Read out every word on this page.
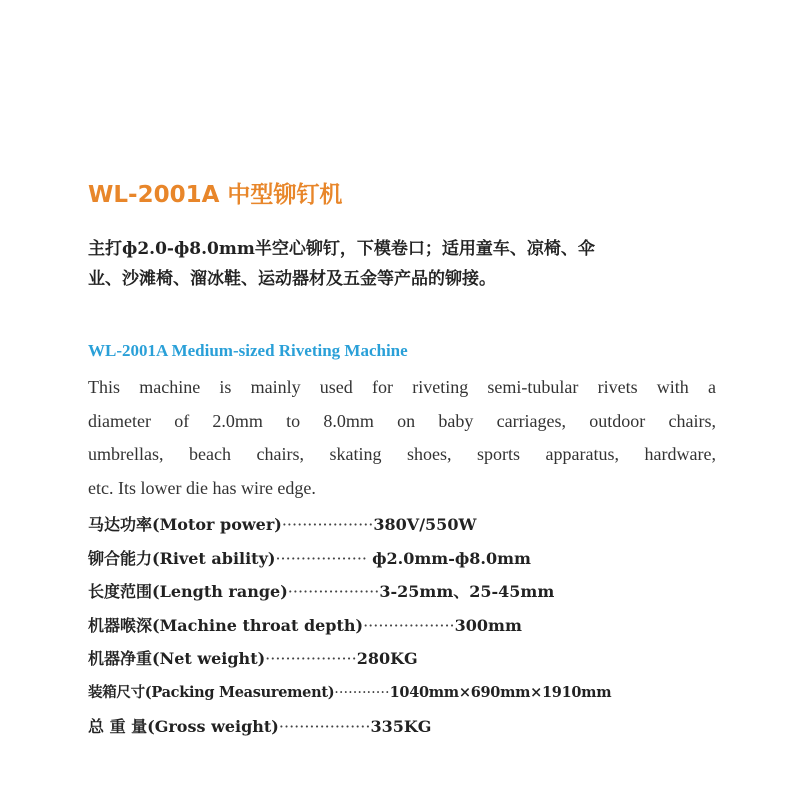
WL-2001A 中型铆钉机
主打ф2.0-ф8.0mm半空心铆钉，下模卷口；适用童车、凉椅、伞
业、沙滩椅、溜冰鞋、运动器材及五金等产品的铆接。
WL-2001A Medium-sized Riveting Machine
This machine is mainly used for riveting semi-tubular rivets with a
diameter of 2.0mm to 8.0mm on baby carriages, outdoor chairs,
umbrellas, beach chairs, skating shoes, sports apparatus, hardware,
etc. Its lower die has wire edge.
马达功率(Motor power)··················380V/550W
铆合能力(Rivet ability)·················· ф2.0mm-ф8.0mm
长度范围(Length range)··················3-25mm、25-45mm
机器喉深(Machine throat depth)··················300mm
机器净重(Net weight)··················280KG
装箱尺寸(Packing Measurement)············1040mm×690mm×1910mm
总 重 量(Gross weight)··················335KG
